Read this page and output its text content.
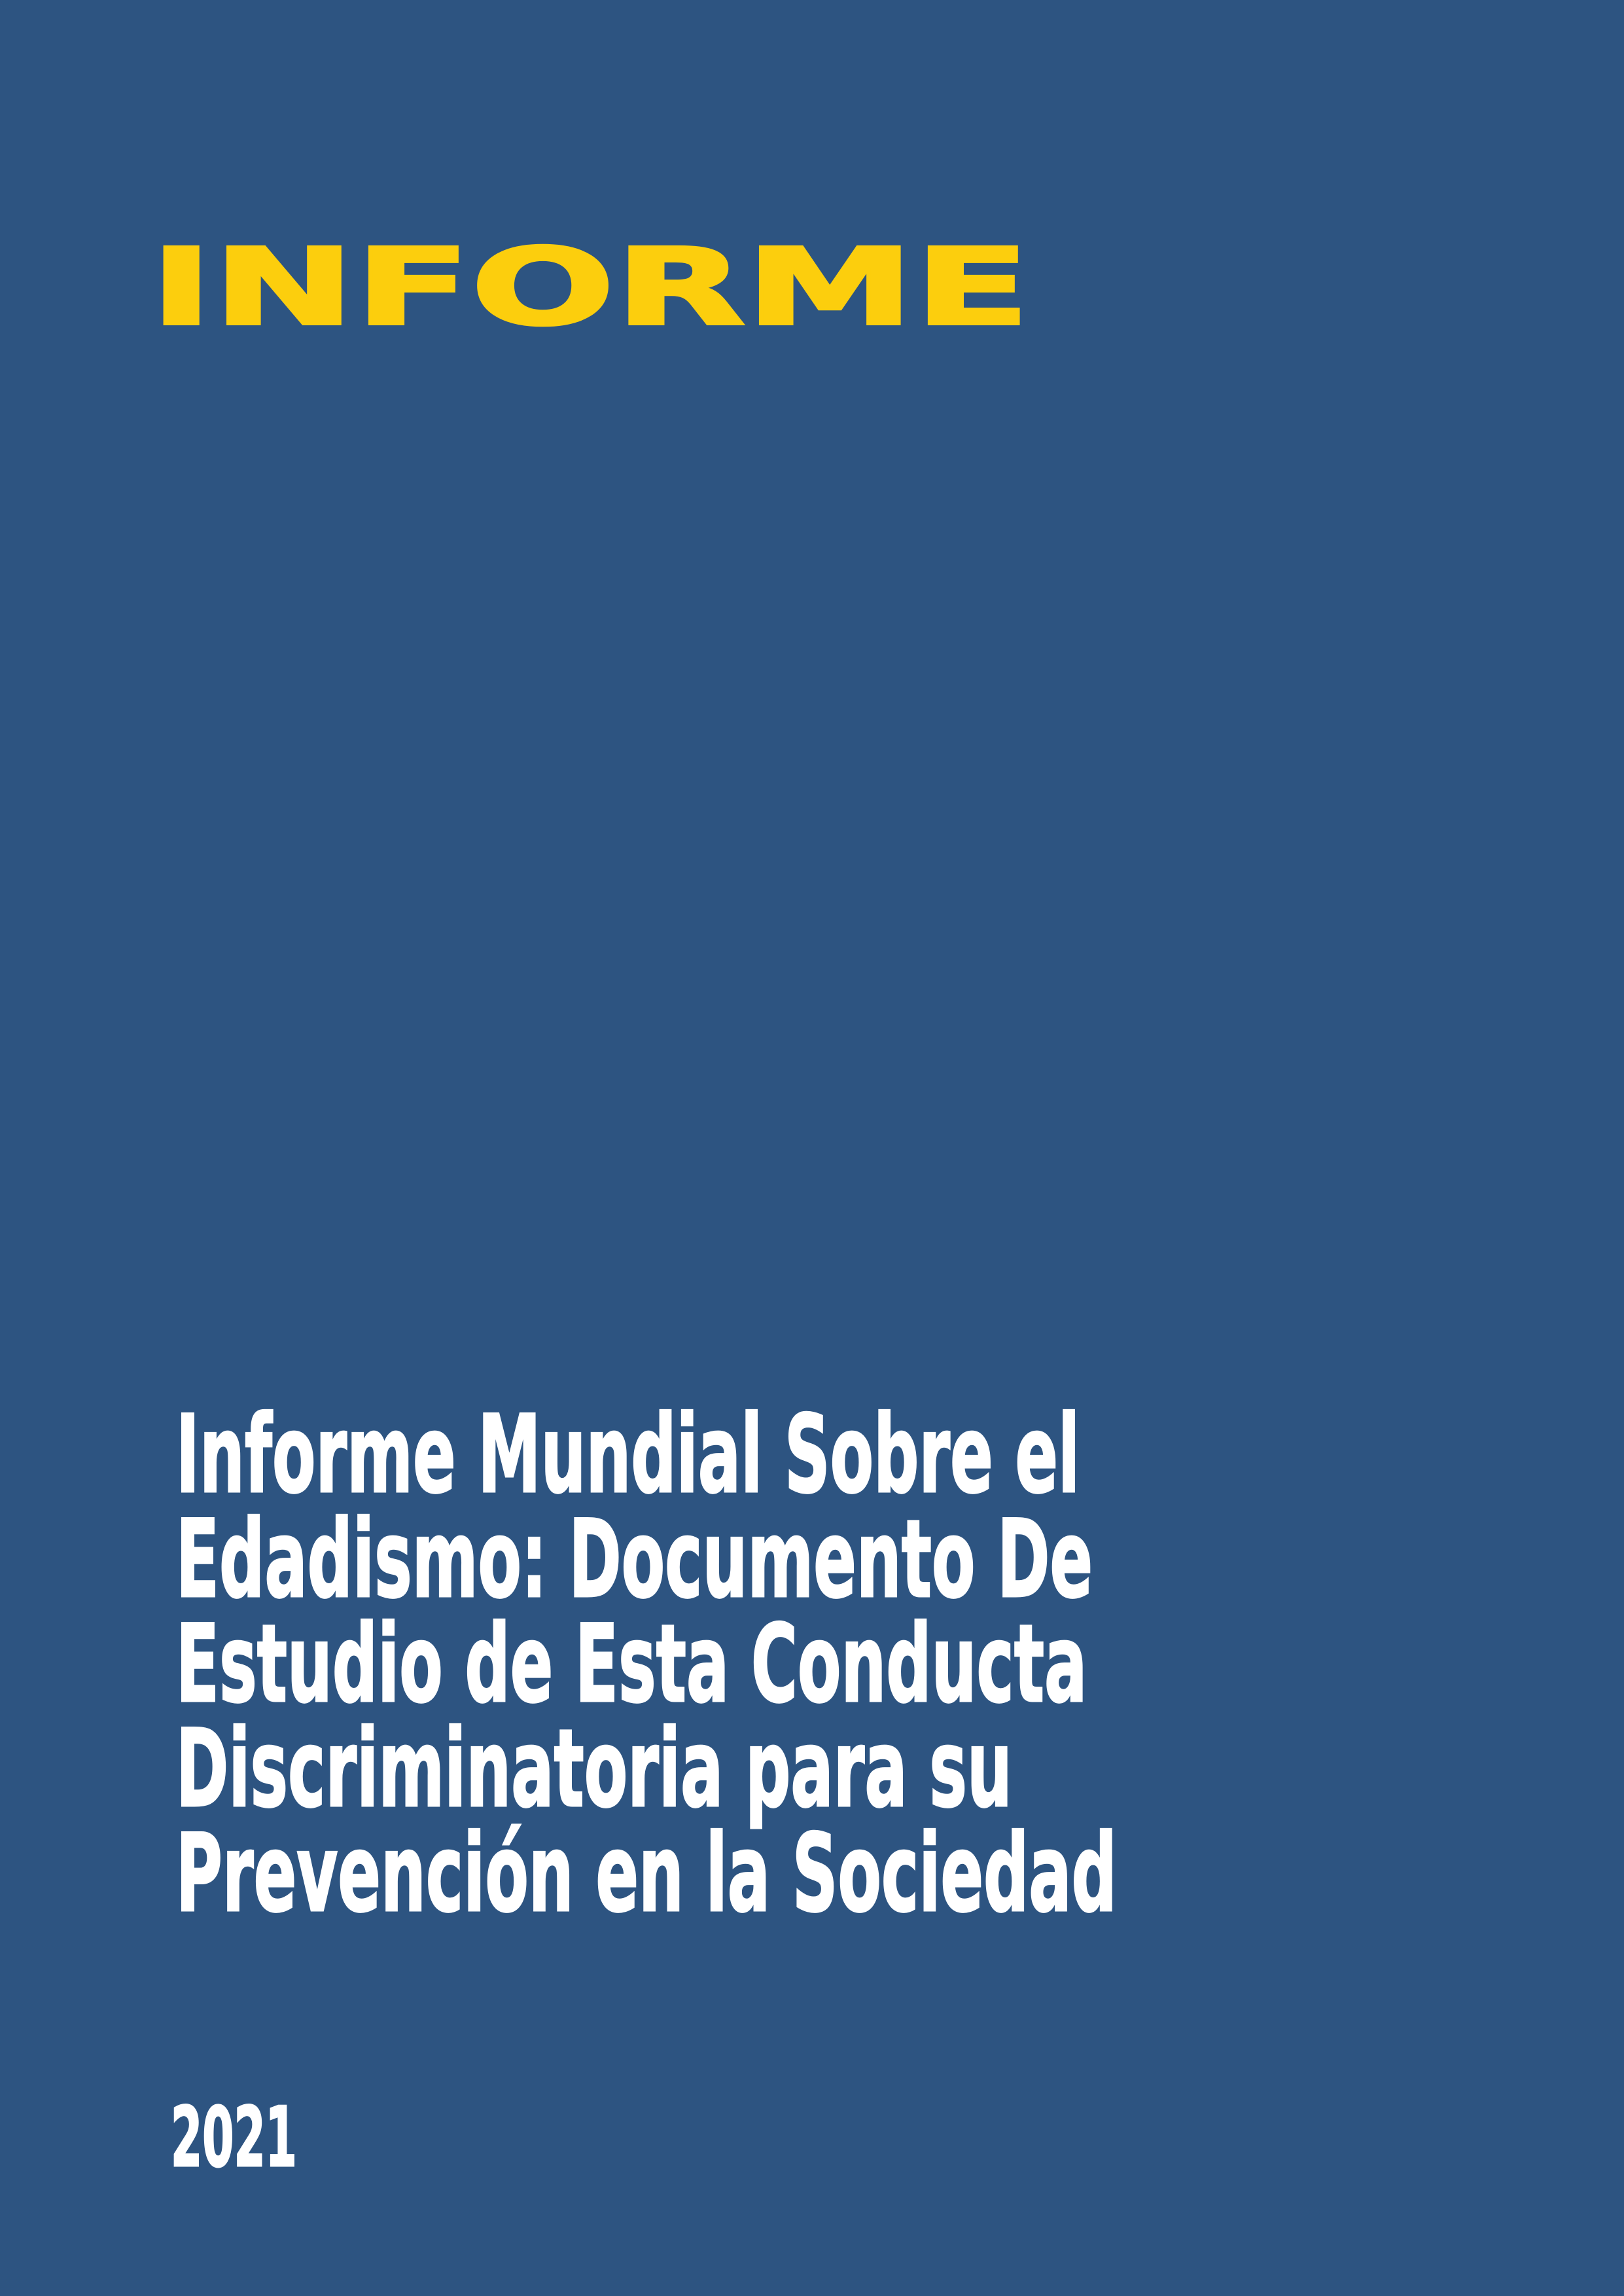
INFORME
Informe Mundial Sobre el
Edadismo: Documento De
Estudio de Esta Conducta
Discriminatoria para su
Prevención en la Sociedad
2021
